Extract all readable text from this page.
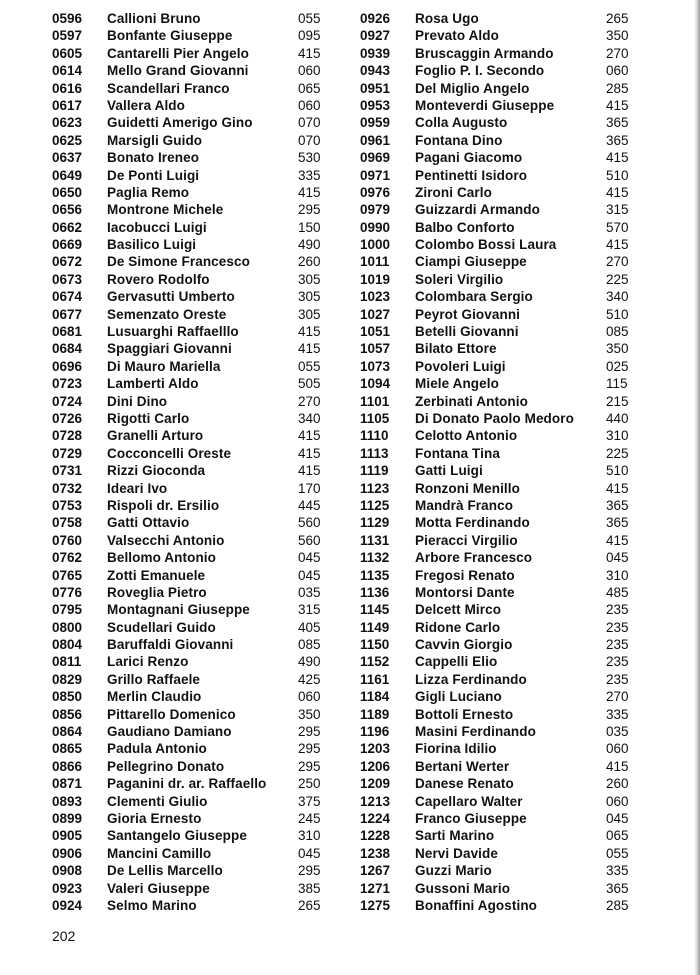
0596 Callioni Bruno	055
0597 Bonfante Giuseppe	095
0605 Cantarelli Pier Angelo	415
0614 Mello Grand Giovanni	060
0616 Scandellari Franco	065
0617 Vallera Aldo	060
0623 Guidetti Amerigo Gino	070
0625 Marsigli Guido	070
0637 Bonato Ireneo	530
0649 De Ponti Luigi	335
0650 Paglia Remo	415
0656 Montrone Michele	295
0662 Iacobucci Luigi	150
0669 Basilico Luigi	490
0672 De Simone Francesco	260
0673 Rovero Rodolfo	305
0674 Gervasutti Umberto	305
0677 Semenzato Oreste	305
0681 Lusuarghi Raffaelllo	415
0684 Spaggiari Giovanni	415
0696 Di Mauro Mariella	055
0723 Lamberti Aldo	505
0724 Dini Dino	270
0726 Rigotti Carlo	340
0728 Granelli Arturo	415
0729 Cocconcelli Oreste	415
0731 Rizzi Gioconda	415
0732 Ideari Ivo	170
0753 Rispoli dr. Ersilio	445
0758 Gatti Ottavio	560
0760 Valsecchi Antonio	560
0762 Bellomo Antonio	045
0765 Zotti Emanuele	045
0776 Roveglia Pietro	035
0795 Montagnani Giuseppe	315
0800 Scudellari Guido	405
0804 Baruffaldi Giovanni	085
0811 Larici Renzo	490
0829 Grillo Raffaele	425
0850 Merlin Claudio	060
0856 Pittarello Domenico	350
0864 Gaudiano Damiano	295
0865 Padula Antonio	295
0866 Pellegrino Donato	295
0871 Paganini dr. ar. Raffaello 250
0893 Clementi Giulio	375
0899 Gioria Ernesto	245
0905 Santangelo Giuseppe	310
0906 Mancini Camillo	045
0908 De Lellis Marcello	295
0923 Valeri Giuseppe	385
0924 Selmo Marino	265
0926 Rosa Ugo	265
0927 Prevato Aldo	350
0939 Bruscaggin Armando	270
0943 Foglio P. I. Secondo	060
0951 Del Miglio Angelo	285
0953 Monteverdi Giuseppe	415
0959 Colla Augusto	365
0961 Fontana Dino	365
0969 Pagani Giacomo	415
0971 Pentinetti Isidoro	510
0976 Zironi Carlo	415
0979 Guizzardi Armando	315
0990 Balbo Conforto	570
1000 Colombo Bossi Laura	415
1011 Ciampi Giuseppe	270
1019 Soleri Virgilio	225
1023 Colombara Sergio	340
1027 Peyrot Giovanni	510
1051 Betelli Giovanni	085
1057 Bilato Ettore	350
1073 Povoleri Luigi	025
1094 Miele Angelo	115
1101 Zerbinati Antonio	215
1105 Di Donato Paolo Medoro 440
1110 Celotto Antonio	310
1113 Fontana Tina	225
1119 Gatti Luigi	510
1123 Ronzoni Menillo	415
1125 Mandrà Franco	365
1129 Motta Ferdinando	365
1131 Pieracci Virgilio	415
1132 Arbore Francesco	045
1135 Fregosi Renato	310
1136 Montorsi Dante	485
1145 Delcett Mirco	235
1149 Ridone Carlo	235
1150 Cavvin Giorgio	235
1152 Cappelli Elio	235
1161 Lizza Ferdinando	235
1184 Gigli Luciano	270
1189 Bottoli Ernesto	335
1196 Masini Ferdinando	035
1203 Fiorina Idilio	060
1206 Bertani Werter	415
1209 Danese Renato	260
1213 Capellaro Walter	060
1224 Franco Giuseppe	045
1228 Sarti Marino	065
1238 Nervi Davide	055
1267 Guzzi Mario	335
1271 Gussoni Mario	365
1275 Bonaffini Agostino	285
202
